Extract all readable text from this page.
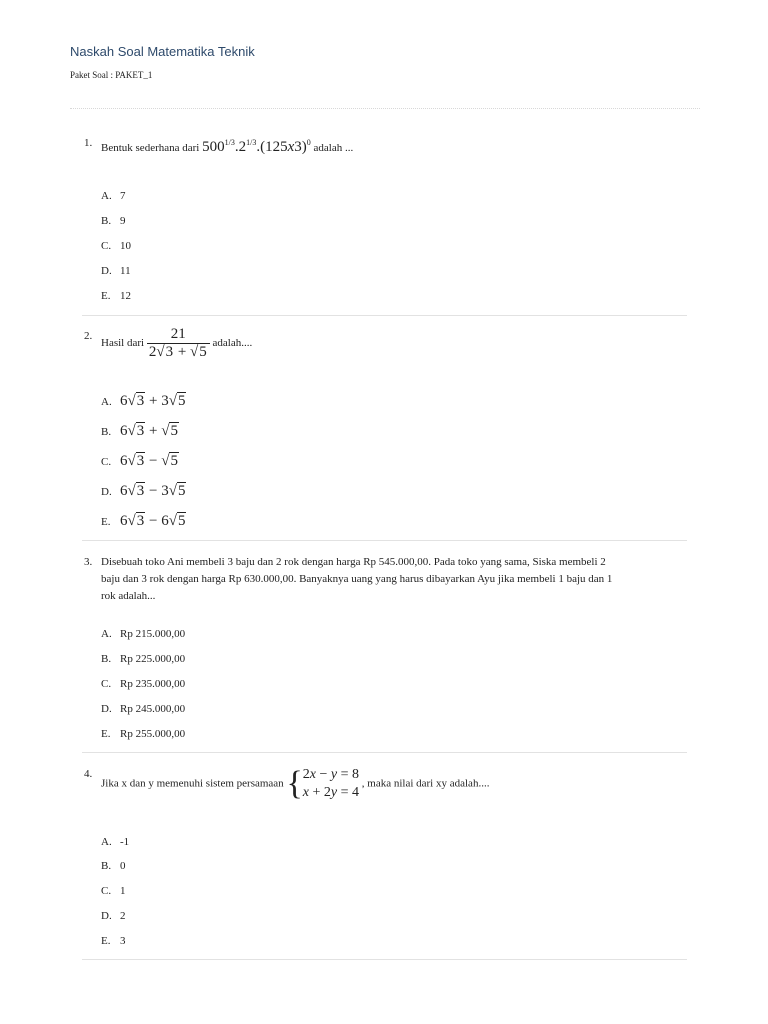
Naskah Soal Matematika Teknik
Paket Soal : PAKET_1
1. Bentuk sederhana dari $500^{1/3}.2^{1/3}.(125x3)^0$ adalah ...
A. 7
B. 9
C. 10
D. 11
E. 12
2.
Hasil dari $\frac{21}{2√3 + √5}$ adalah....
A. 6√3 + 3√5
B. 6√3 + √5
C. 6√3 − √5
D. 6√3 − 3√5
E. 6√3 − 6√5
3. Disebuah toko Ani membeli 3 baju dan 2 rok dengan harga Rp 545.000,00. Pada toko yang sama, Siska membeli 2
baju dan 3 rok dengan harga Rp 630.000,00. Banyaknya uang yang harus dibayarkan Ayu jika membeli 1 baju dan 1
rok adalah...
A. Rp 215.000,00
B. Rp 225.000,00
C. Rp 235.000,00
D. Rp 245.000,00
E. Rp 255.000,00
4.
Jika x dan y memenuhi sistem persamaan { 2x − y = 8
x + 2y = 4
, maka nilai dari xy adalah....
A. -1
B. 0
C. 1
D. 2
E. 3
